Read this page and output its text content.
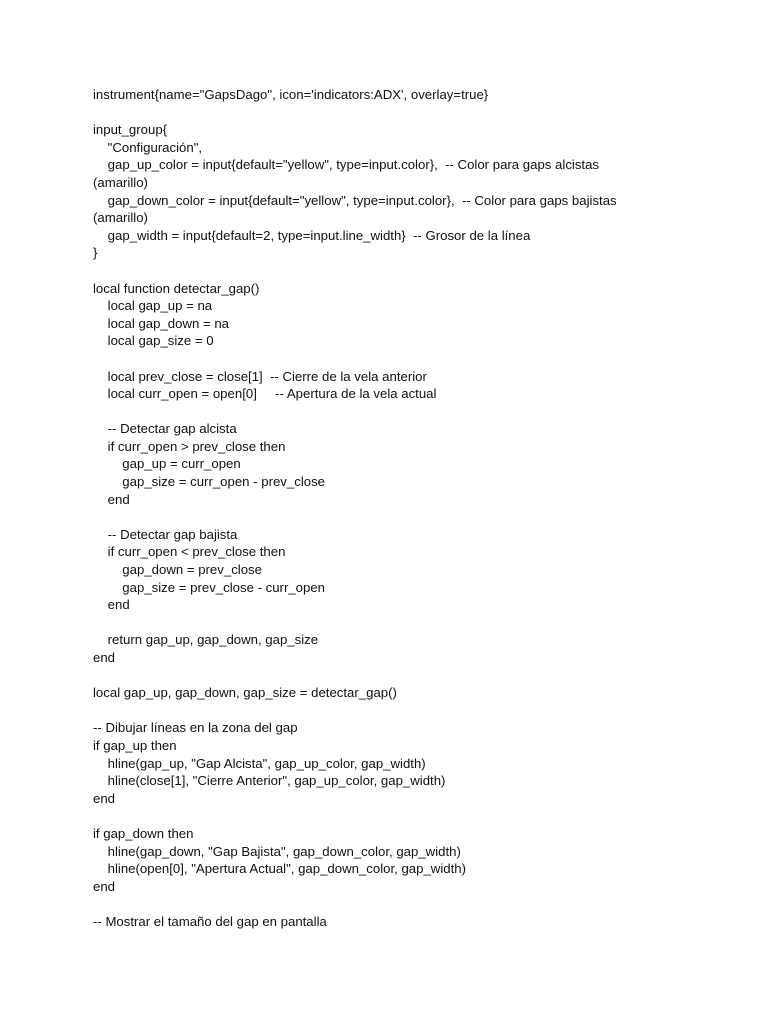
instrument{name="GapsDago", icon='indicators:ADX', overlay=true}
input_group{
"Configuración",
gap_up_color = input{default="yellow", type=input.color},  -- Color para gaps alcistas
(amarillo)
gap_down_color = input{default="yellow", type=input.color},  -- Color para gaps bajistas
(amarillo)
gap_width = input{default=2, type=input.line_width}  -- Grosor de la línea
}
local function detectar_gap()
local gap_up = na
local gap_down = na
local gap_size = 0
local prev_close = close[1]  -- Cierre de la vela anterior
local curr_open = open[0]     -- Apertura de la vela actual
-- Detectar gap alcista
if curr_open > prev_close then
gap_up = curr_open
gap_size = curr_open - prev_close
end
-- Detectar gap bajista
if curr_open < prev_close then
gap_down = prev_close
gap_size = prev_close - curr_open
end
return gap_up, gap_down, gap_size
end
local gap_up, gap_down, gap_size = detectar_gap()
-- Dibujar líneas en la zona del gap
if gap_up then
hline(gap_up, "Gap Alcista", gap_up_color, gap_width)
hline(close[1], "Cierre Anterior", gap_up_color, gap_width)
end
if gap_down then
hline(gap_down, "Gap Bajista", gap_down_color, gap_width)
hline(open[0], "Apertura Actual", gap_down_color, gap_width)
end
-- Mostrar el tamaño del gap en pantalla
